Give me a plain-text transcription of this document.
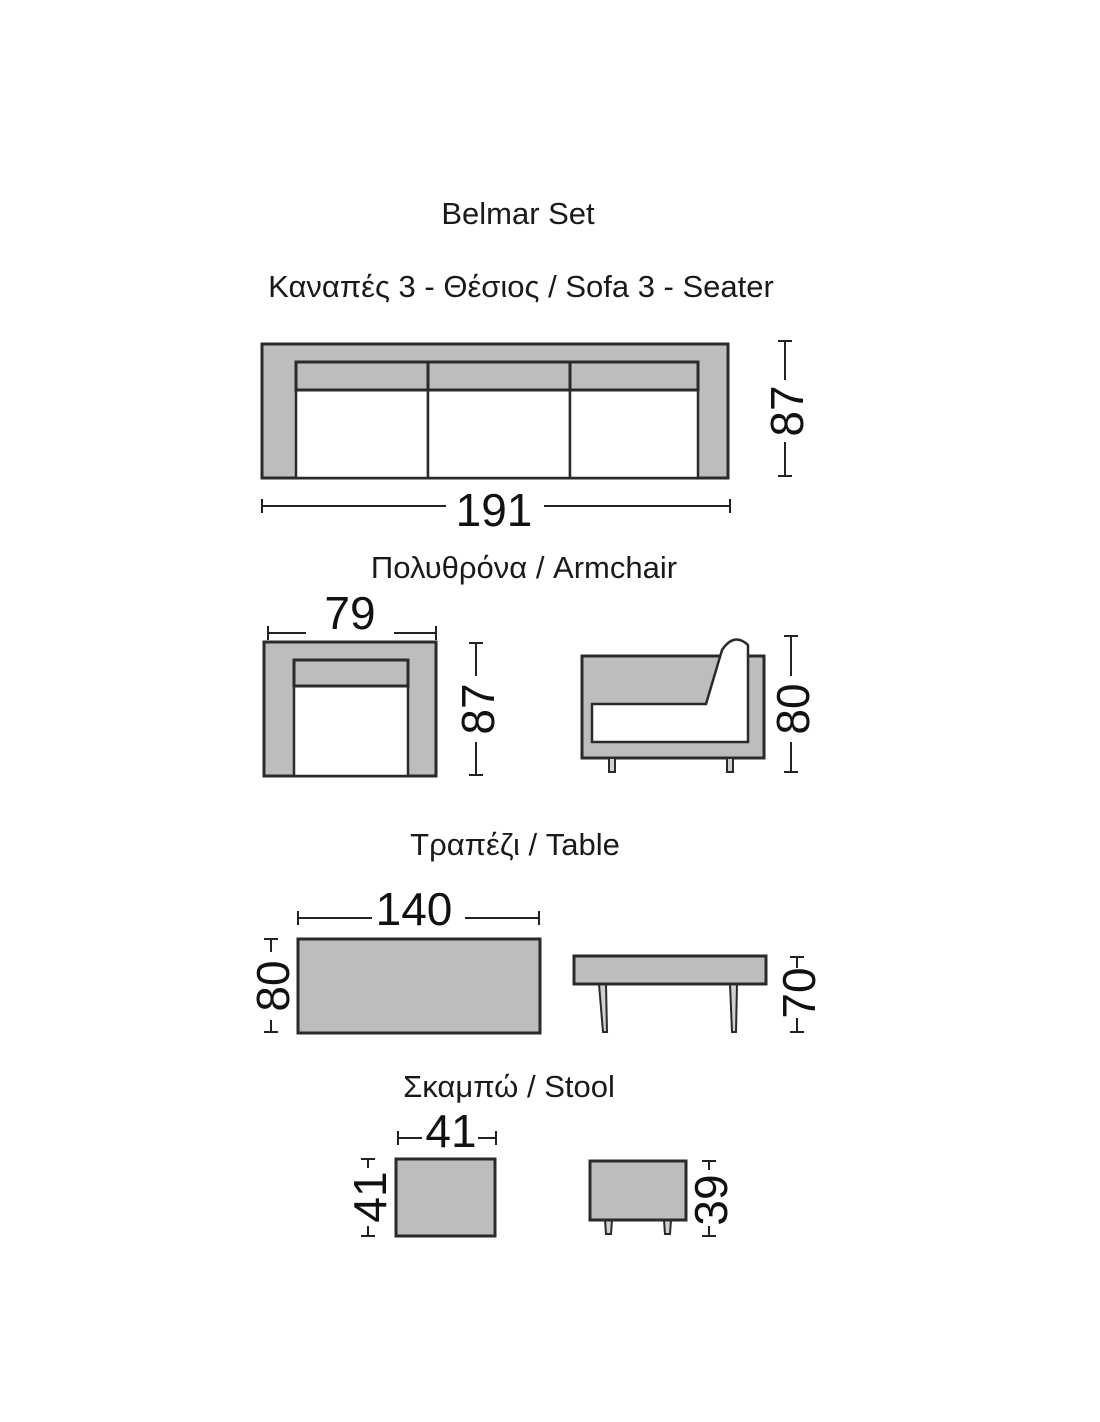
Belmar Set
Καναπές 3 - Θέσιος / Sofa 3 - Seater
191
87
Πολυθρόνα / Armchair
79
87	80
Τραπέζι / Table
140
80	70
Σκαμπώ / Stool
41
41	39
